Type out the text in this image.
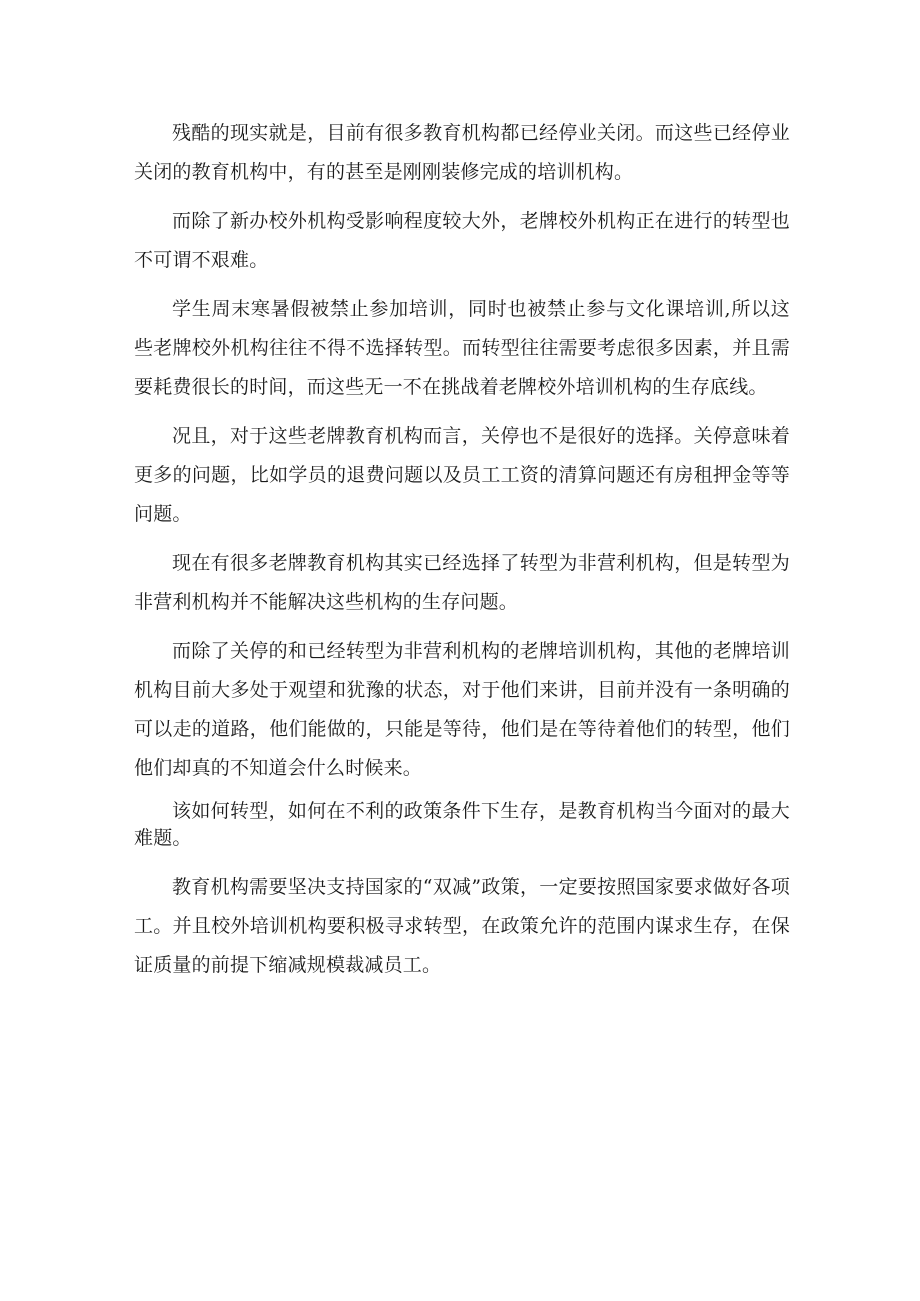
残酷的现实就是，目前有很多教育机构都已经停业关闭。而这些已经停业关闭的教育机构中，有的甚至是刚刚装修完成的培训机构。

而除了新办校外机构受影响程度较大外，老牌校外机构正在进行的转型也不可谓不艰难。

学生周末寒暑假被禁止参加培训，同时也被禁止参与文化课培训,所以这些老牌校外机构往往不得不选择转型。而转型往往需要考虑很多因素，并且需要耗费很长的时间，而这些无一不在挑战着老牌校外培训机构的生存底线。

况且，对于这些老牌教育机构而言，关停也不是很好的选择。关停意味着更多的问题，比如学员的退费问题以及员工工资的清算问题还有房租押金等等问题。

现在有很多老牌教育机构其实已经选择了转型为非营利机构，但是转型为非营利机构并不能解决这些机构的生存问题。

而除了关停的和已经转型为非营利机构的老牌培训机构，其他的老牌培训机构目前大多处于观望和犹豫的状态，对于他们来讲，目前并没有一条明确的可以走的道路，他们能做的，只能是等待，他们是在等待着他们的转型，他们他们却真的不知道会什么时候来。

该如何转型，如何在不利的政策条件下生存，是教育机构当今面对的最大难题。

教育机构需要坚决支持国家的“双减”政策，一定要按照国家要求做好各项工。并且校外培训机构要积极寻求转型，在政策允许的范围内谋求生存，在保证质量的前提下缩减规模裁减员工。
